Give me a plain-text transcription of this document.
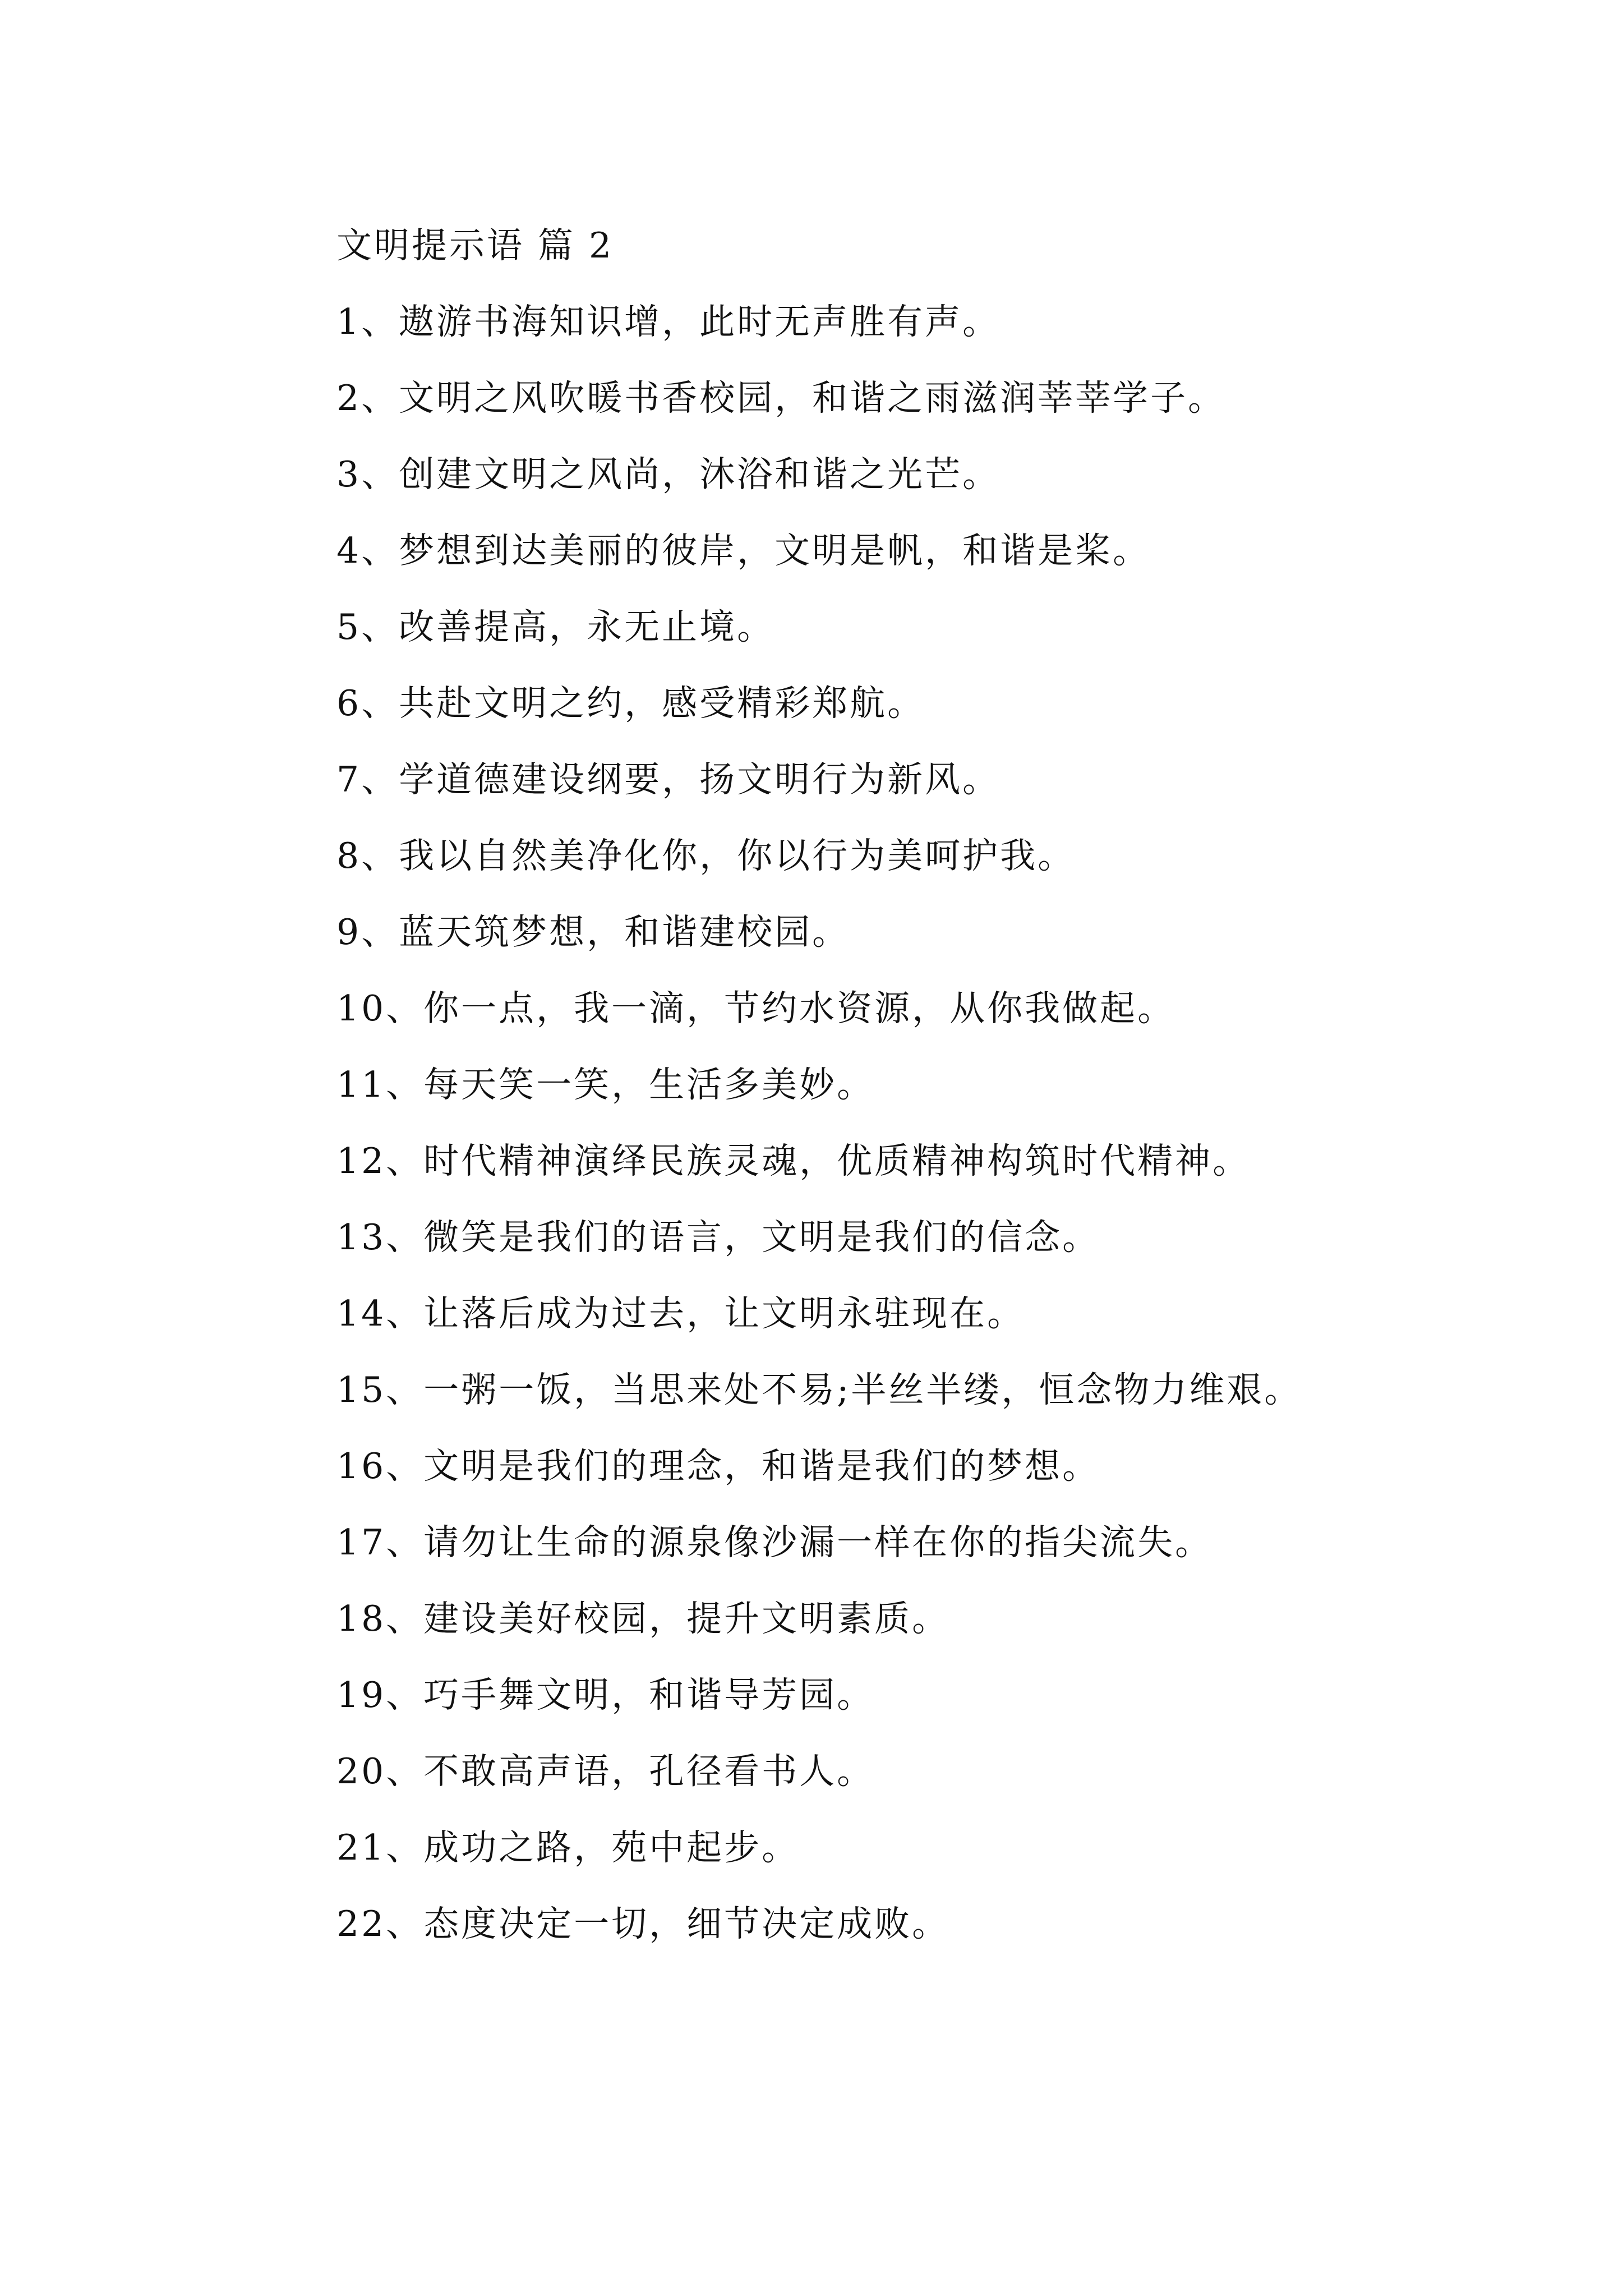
文明提示语 篇 2
1、遨游书海知识增，此时无声胜有声。
2、文明之风吹暖书香校园，和谐之雨滋润莘莘学子。
3、创建文明之风尚，沐浴和谐之光芒。
4、梦想到达美丽的彼岸，文明是帆，和谐是桨。
5、改善提高，永无止境。
6、共赴文明之约，感受精彩郑航。
7、学道德建设纲要，扬文明行为新风。
8、我以自然美净化你，你以行为美呵护我。
9、蓝天筑梦想，和谐建校园。
10、你一点，我一滴，节约水资源，从你我做起。
11、每天笑一笑，生活多美妙。
12、时代精神演绎民族灵魂，优质精神构筑时代精神。
13、微笑是我们的语言，文明是我们的信念。
14、让落后成为过去，让文明永驻现在。
15、一粥一饭，当思来处不易;半丝半缕，恒念物力维艰。
16、文明是我们的理念，和谐是我们的梦想。
17、请勿让生命的源泉像沙漏一样在你的指尖流失。
18、建设美好校园，提升文明素质。
19、巧手舞文明，和谐导芳园。
20、不敢高声语，孔径看书人。
21、成功之路，苑中起步。
22、态度决定一切，细节决定成败。
